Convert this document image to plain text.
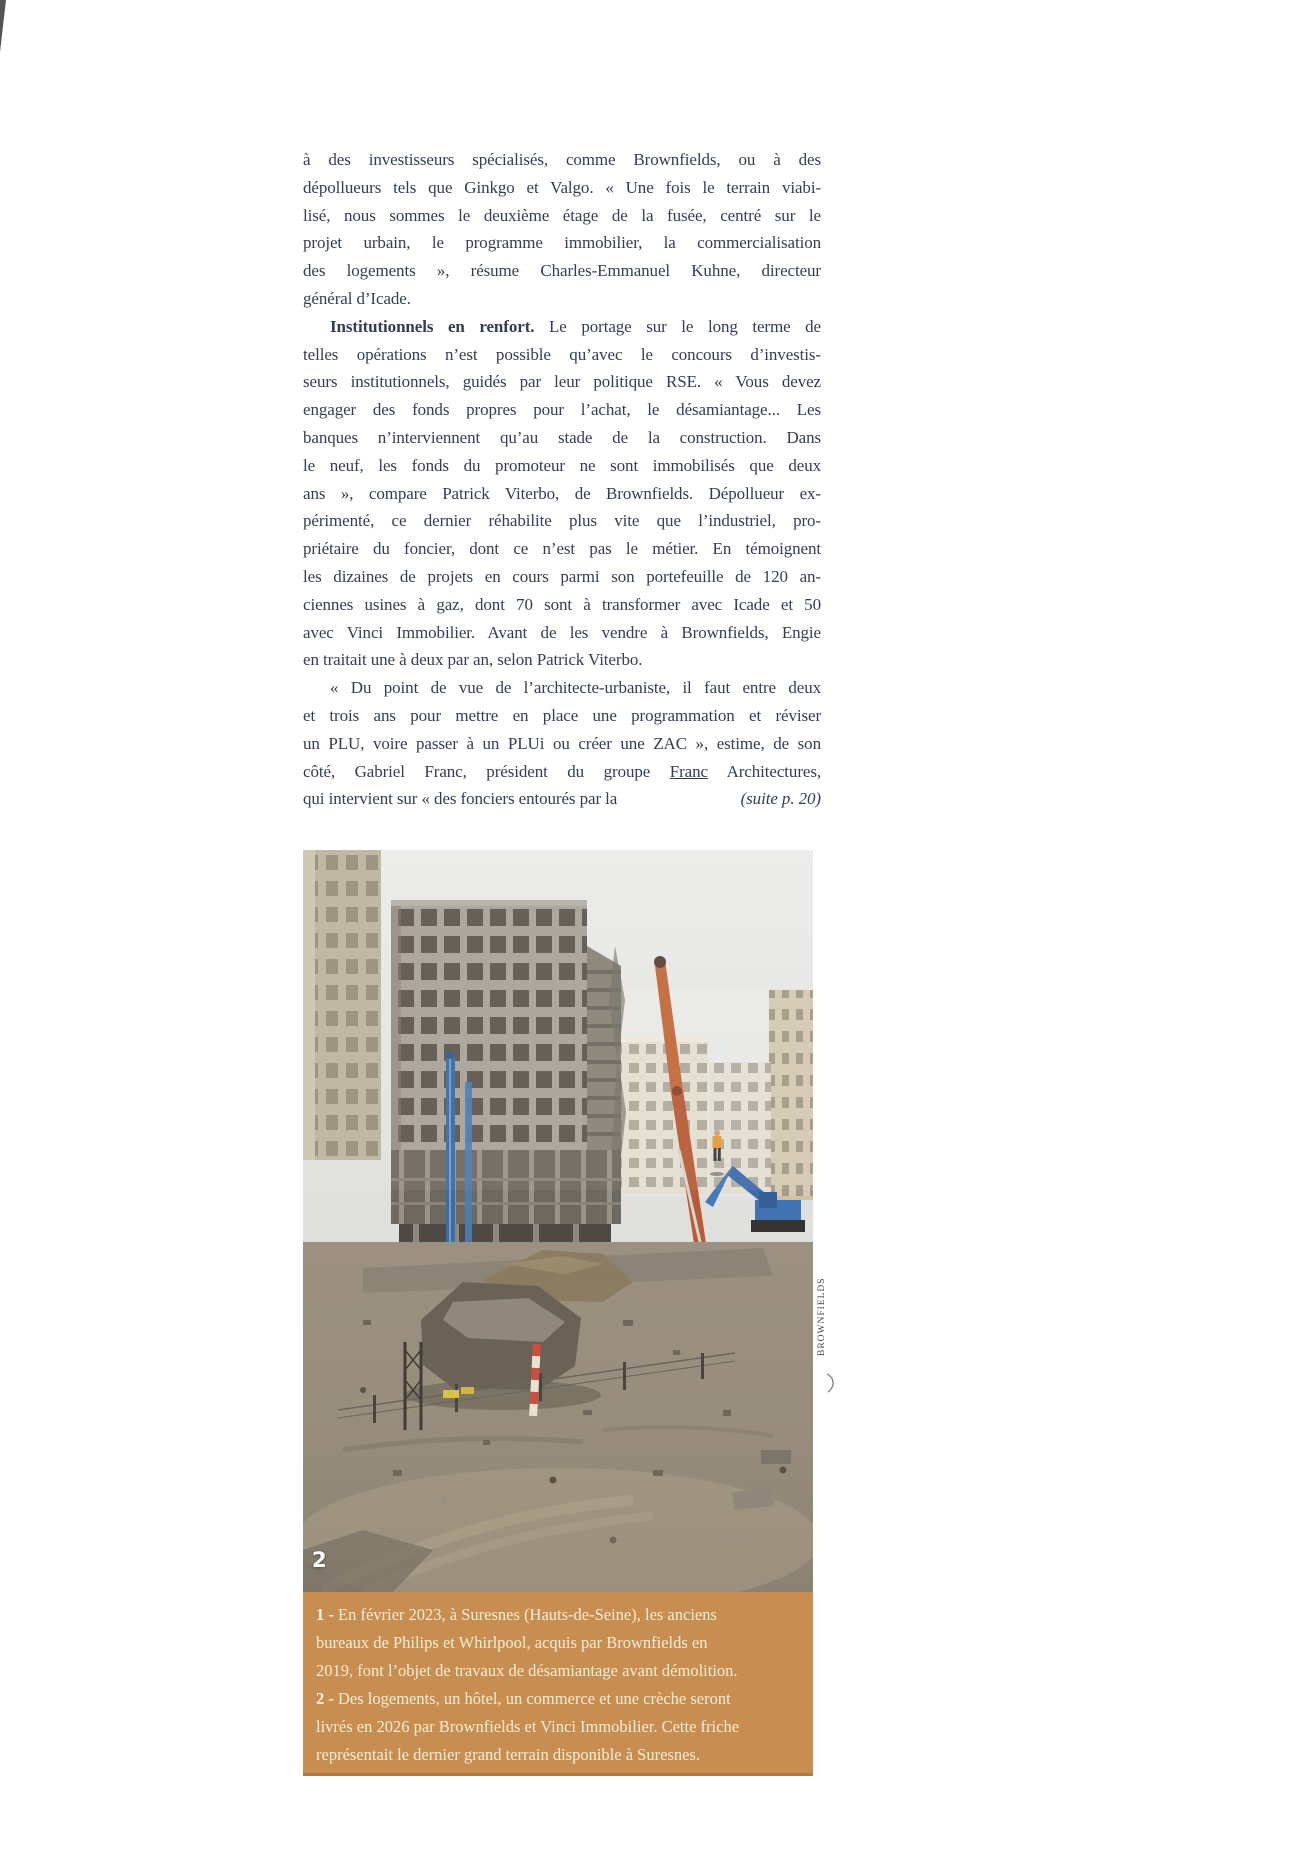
à des investisseurs spécialisés, comme Brownfields, ou à des
dépollueurs tels que Ginkgo et Valgo. « Une fois le terrain viabi-
lisé, nous sommes le deuxième étage de la fusée, centré sur le
projet urbain, le programme immobilier, la commercialisation
des logements », résume Charles-Emmanuel Kuhne, directeur
général d’Icade.
Institutionnels en renfort. Le portage sur le long terme de
telles opérations n’est possible qu’avec le concours d’investis-
seurs institutionnels, guidés par leur politique RSE. « Vous devez
engager des fonds propres pour l’achat, le désamiantage... Les
banques n’interviennent qu’au stade de la construction. Dans
le neuf, les fonds du promoteur ne sont immobilisés que deux
ans », compare Patrick Viterbo, de Brownfields. Dépollueur ex-
périmenté, ce dernier réhabilite plus vite que l’industriel, pro-
priétaire du foncier, dont ce n’est pas le métier. En témoignent
les dizaines de projets en cours parmi son portefeuille de 120 an-
ciennes usines à gaz, dont 70 sont à transformer avec Icade et 50
avec Vinci Immobilier. Avant de les vendre à Brownfields, Engie
en traitait une à deux par an, selon Patrick Viterbo.
« Du point de vue de l’architecte-urbaniste, il faut entre deux
et trois ans pour mettre en place une programmation et réviser
un PLU, voire passer à un PLUi ou créer une ZAC », estime, de son
côté, Gabriel Franc, président du groupe Franc Architectures,
qui intervient sur « des fonciers entourés par la	(suite p. 20)
2
BROWNFIELDS
1 - En février 2023, à Suresnes (Hauts-de-Seine), les anciens
bureaux de Philips et Whirlpool, acquis par Brownfields en
2019, font l’objet de travaux de désamiantage avant démolition.
2 - Des logements, un hôtel, un commerce et une crèche seront
livrés en 2026 par Brownfields et Vinci Immobilier. Cette friche
représentait le dernier grand terrain disponible à Suresnes.
